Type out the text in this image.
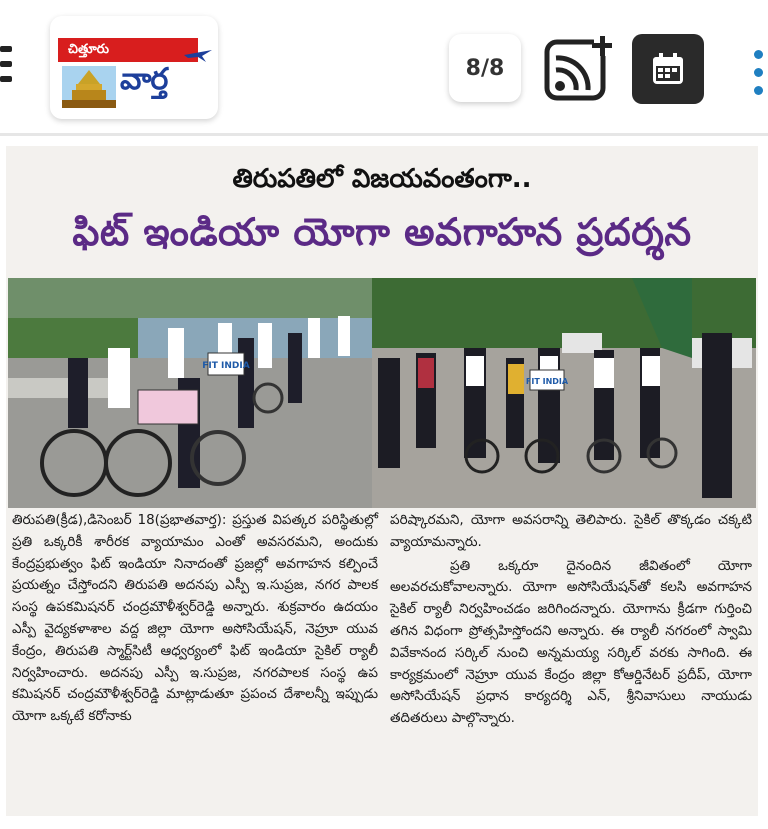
చిత్తూరు
వార్త	8/8
తిరుపతిలో విజయవంతంగా..
ఫిట్ ఇండియా యోగా అవగాహన ప్రదర్శన
FIT INDIA
FIT INDIA

తిరుపతి(క్రీడ),డిసెంబర్ 18(ప్రభాతవార్త): ప్రస్తుత విపత్కర పరిస్థితుల్లో ప్రతి ఒక్కరికీ శారీరక వ్యాయామం ఎంతో అవసరమని, అందుకు కేంద్రప్రభుత్వం ఫిట్ ఇండియా నినాదంతో ప్రజల్లో అవగాహన కల్పించే ప్రయత్నం చేస్తోందని తిరుపతి అదనపు ఎస్పీ ఇ.సుప్రజ, నగర పాలక సంస్థ ఉపకమిషనర్ చంద్రమౌళీశ్వర్‌రెడ్డి అన్నారు. శుక్రవారం ఉదయం ఎస్పీ వైద్యకళాశాల వద్ద జిల్లా యోగా అసోసియేషన్, నెహ్రూ యువ కేంద్రం, తిరుపతి స్మార్ట్‌సిటీ ఆధ్వర్యంలో ఫిట్ ఇండియా సైకిల్ ర్యాలీ నిర్వహించారు. అదనపు ఎస్పీ ఇ.సుప్రజ, నగరపాలక సంస్థ ఉప కమిషనర్ చంద్రమౌళీశ్వర్‌రెడ్డి మాట్లాడుతూ ప్రపంచ దేశాలన్నీ ఇప్పుడు యోగా ఒక్కటే కరోనాకు

పరిష్కారమని, యోగా అవసరాన్ని తెలిపారు. సైకిల్ తొక్కడం చక్కటి వ్యాయామన్నారు.

ప్రతి ఒక్కరూ దైనందిన జీవితంలో యోగా అలవరచుకోవాలన్నారు. యోగా అసోసియేషన్‌తో కలసి అవగాహన సైకిల్ ర్యాలీ నిర్వహించడం జరిగిందన్నారు. యోగాను క్రీడగా గుర్తించి తగిన విధంగా ప్రోత్సహిస్తోందని అన్నారు. ఈ ర్యాలీ నగరంలో స్వామి వివేకానంద సర్కిల్ నుంచి అన్నమయ్య సర్కిల్ వరకు సాగింది. ఈ కార్యక్రమంలో నెహ్రూ యువ కేంద్రం జిల్లా కోఆర్డినేటర్ ప్రదీప్, యోగా అసోసియేషన్ ప్రధాన కార్యదర్శి ఎన్, శ్రీనివాసులు నాయుడు తదితరులు పాల్గొన్నారు.
